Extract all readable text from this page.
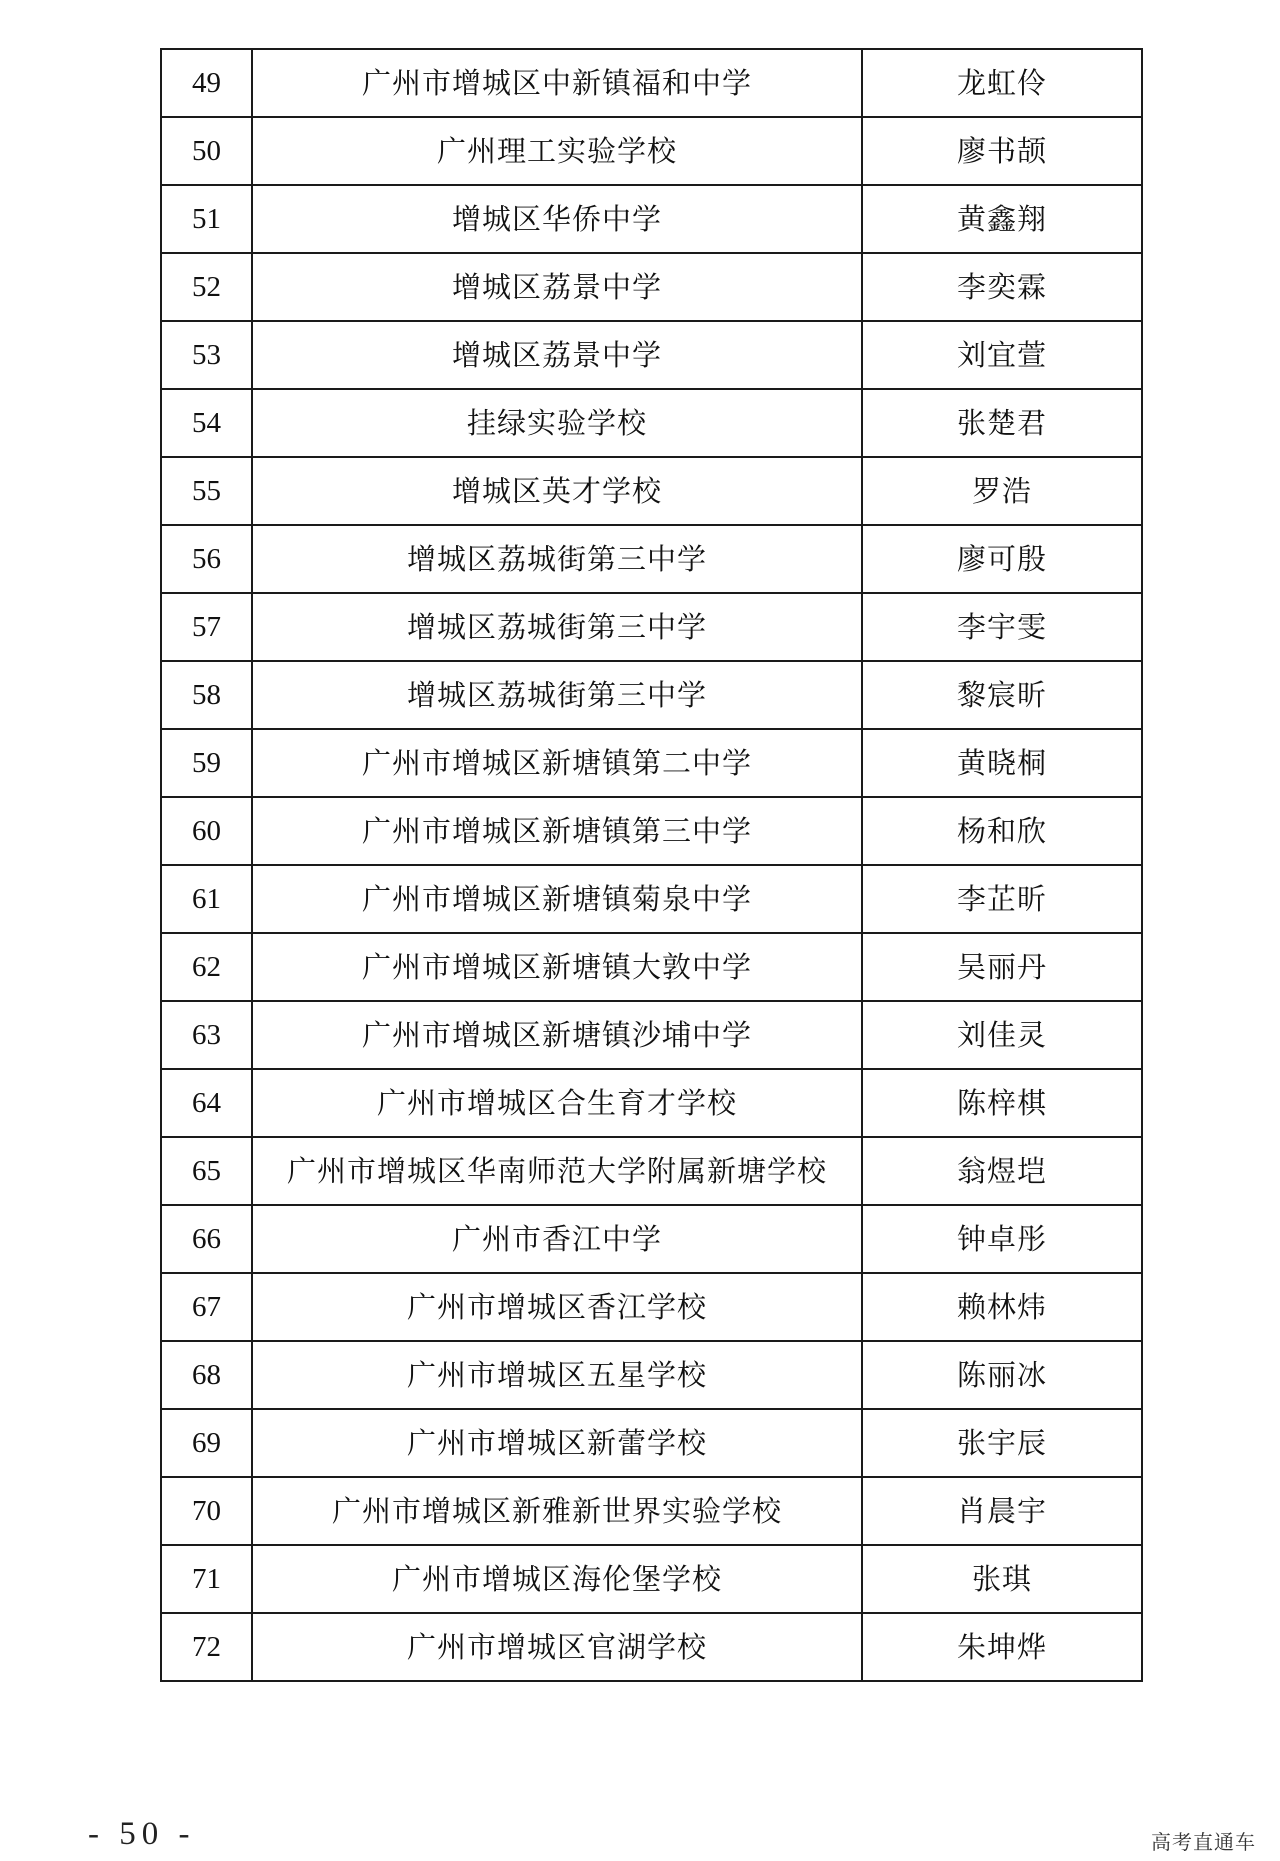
49	广州市增城区中新镇福和中学	龙虹伶
50	广州理工实验学校	廖书颉
51	增城区华侨中学	黄鑫翔
52	增城区荔景中学	李奕霖
53	增城区荔景中学	刘宜萱
54	挂绿实验学校	张楚君
55	增城区英才学校	罗浩
56	增城区荔城街第三中学	廖可殷
57	增城区荔城街第三中学	李宇雯
58	增城区荔城街第三中学	黎宸昕
59	广州市增城区新塘镇第二中学	黄晓桐
60	广州市增城区新塘镇第三中学	杨和欣
61	广州市增城区新塘镇菊泉中学	李芷昕
62	广州市增城区新塘镇大敦中学	吴丽丹
63	广州市增城区新塘镇沙埔中学	刘佳灵
64	广州市增城区合生育才学校	陈梓棋
65	广州市增城区华南师范大学附属新塘学校	翁煜垲
66	广州市香江中学	钟卓彤
67	广州市增城区香江学校	赖林炜
68	广州市增城区五星学校	陈丽冰
69	广州市增城区新蕾学校	张宇辰
70	广州市增城区新雅新世界实验学校	肖晨宇
71	广州市增城区海伦堡学校	张琪
72	广州市增城区官湖学校	朱坤烨
- 50 -	高考直通车
